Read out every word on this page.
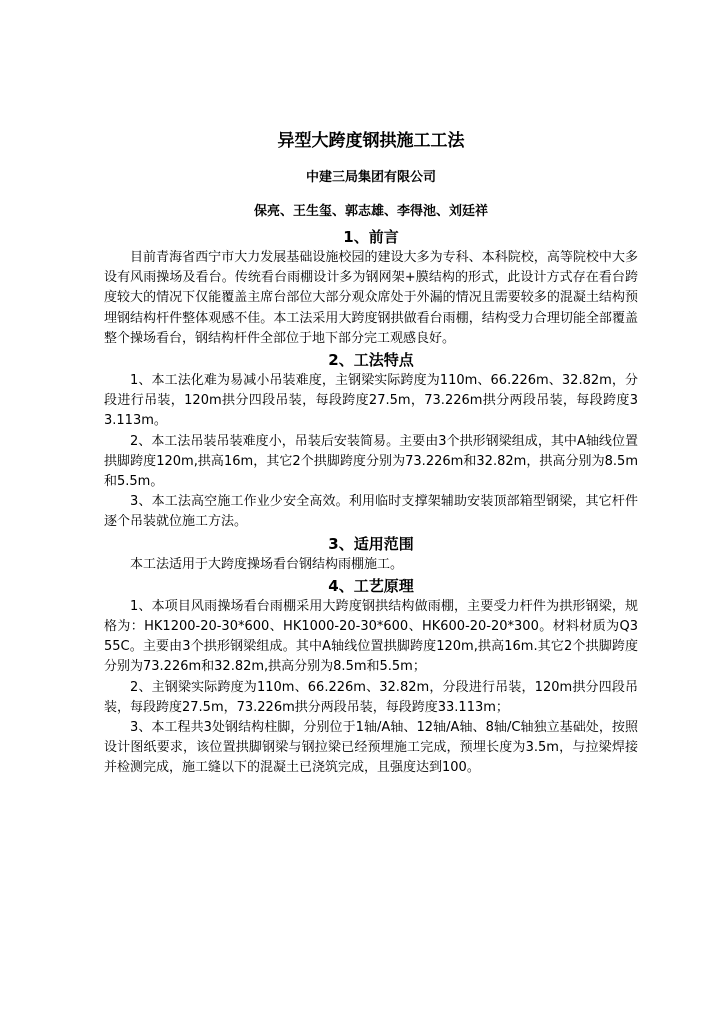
异型大跨度钢拱施工工法
中建三局集团有限公司
保亮、王生玺、郭志雄、李得池、刘廷祥
1、前言

目前青海省西宁市大力发展基础设施校园的建设大多为专科、本科院校，高等院校中大多设有风雨操场及看台。传统看台雨棚设计多为钢网架+膜结构的形式，此设计方式存在看台跨度较大的情况下仅能覆盖主席台部位大部分观众席处于外漏的情况且需要较多的混凝土结构预埋钢结构杆件整体观感不佳。本工法采用大跨度钢拱做看台雨棚，结构受力合理切能全部覆盖整个操场看台，钢结构杆件全部位于地下部分完工观感良好。

2、工法特点

1、本工法化难为易减小吊装难度，主钢梁实际跨度为110m、66.226m、32.82m，分段进行吊装，120m拱分四段吊装，每段跨度27.5m，73.226m拱分两段吊装，每段跨度33.113m。

2、本工法吊装吊装难度小，吊装后安装简易。主要由3个拱形钢梁组成，其中A轴线位置拱脚跨度120m,拱高16m，其它2个拱脚跨度分别为73.226m和32.82m，拱高分别为8.5m和5.5m。

3、本工法高空施工作业少安全高效。利用临时支撑架辅助安装顶部箱型钢梁，其它杆件逐个吊装就位施工方法。

3、适用范围

本工法适用于大跨度操场看台钢结构雨棚施工。

4、工艺原理

1、本项目风雨操场看台雨棚采用大跨度钢拱结构做雨棚，主要受力杆件为拱形钢梁，规格为：HK1200-20-30*600、HK1000-20-30*600、HK600-20-20*300。材料材质为Q355C。主要由3个拱形钢梁组成。其中A轴线位置拱脚跨度120m,拱高16m.其它2个拱脚跨度分别为73.226m和32.82m,拱高分别为8.5m和5.5m；

2、主钢梁实际跨度为110m、66.226m、32.82m，分段进行吊装，120m拱分四段吊装，每段跨度27.5m，73.226m拱分两段吊装，每段跨度33.113m；

3、本工程共3处钢结构柱脚，分别位于1轴/A轴、12轴/A轴、8轴/C轴独立基础处，按照设计图纸要求，该位置拱脚钢梁与钢拉梁已经预埋施工完成，预埋长度为3.5m，与拉梁焊接并检测完成，施工缝以下的混凝土已浇筑完成，且强度达到100。
